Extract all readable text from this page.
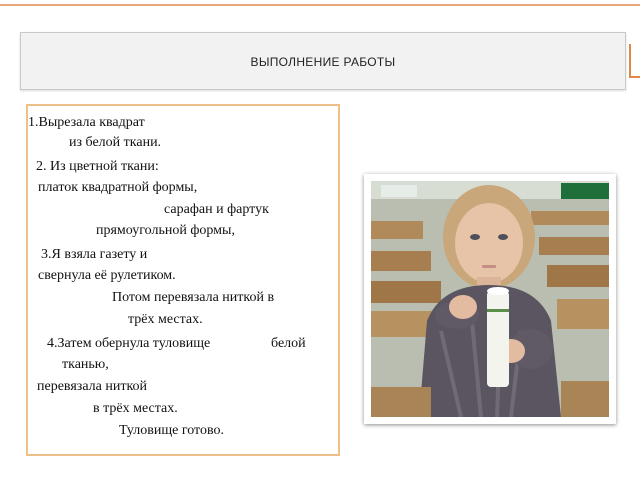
ВЫПОЛНЕНИЕ РАБОТЫ
1.Вырезала квадрат
из белой ткани.
2. Из цветной ткани:
платок квадратной формы,
сарафан и фартук
прямоугольной формы,
3.Я взяла газету и
свернула её рулетиком.
Потом перевязала ниткой в
трёх местах.
4.Затем обернула туловище	белой
тканью,
перевязала ниткой
в трёх местах.
Туловище готово.
